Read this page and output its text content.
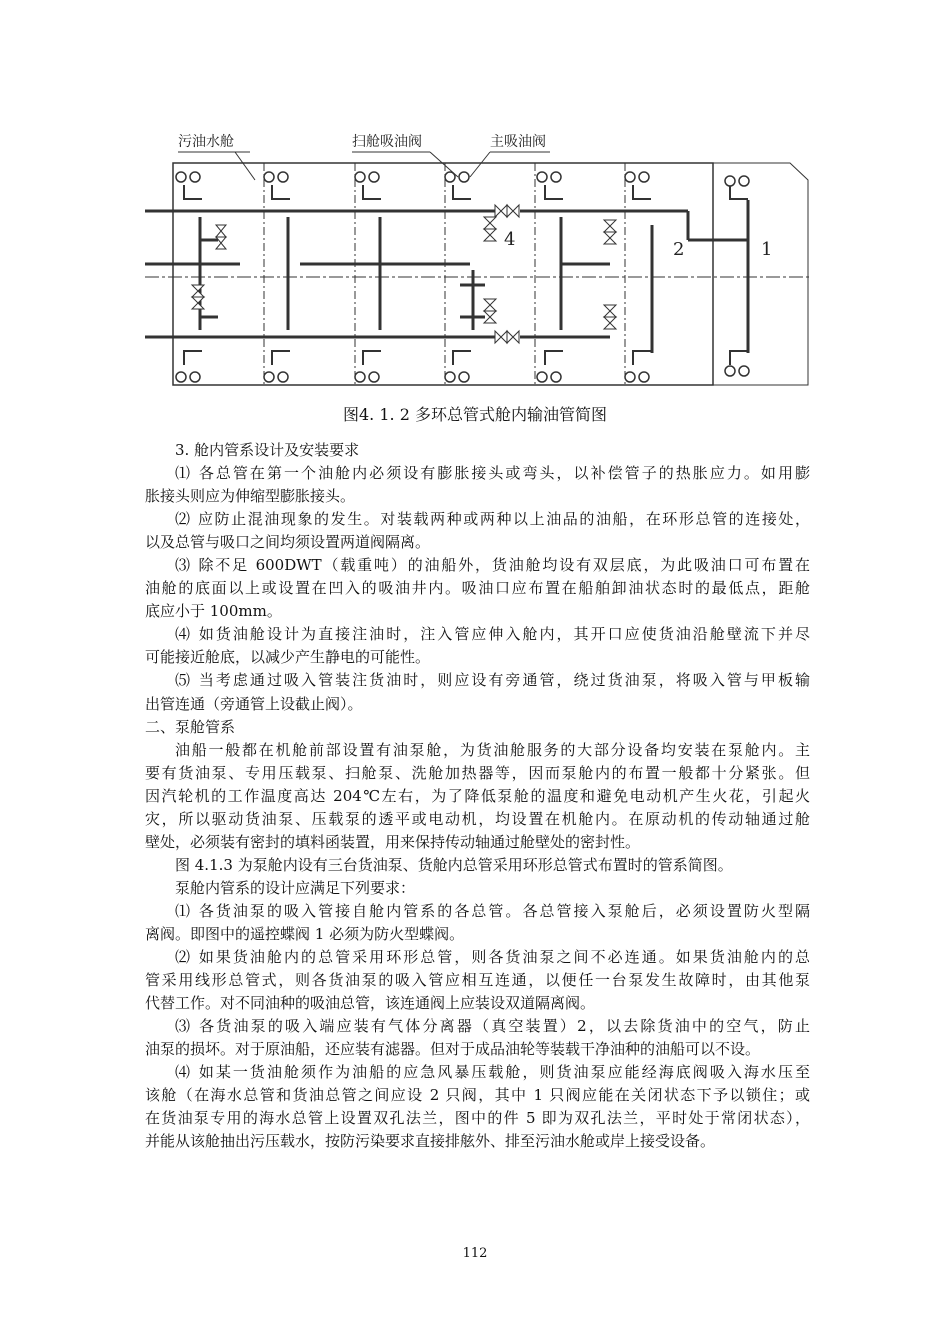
污油水舱	扫舱吸油阀	主吸油阀
4	2	1
图4. 1. 2 多环总管式舱内输油管简图
3. 舱内管系设计及安装要求
⑴ 各总管在第一个油舱内必须设有膨胀接头或弯头，以补偿管子的热胀应力。如用膨
胀接头则应为伸缩型膨胀接头。
⑵ 应防止混油现象的发生。对装载两种或两种以上油品的油船，在环形总管的连接处，
以及总管与吸口之间均须设置两道阀隔离。
⑶ 除不足 600DWT（载重吨）的油船外，货油舱均设有双层底，为此吸油口可布置在
油舱的底面以上或设置在凹入的吸油井内。吸油口应布置在船舶卸油状态时的最低点，距舱
底应小于 100mm。
⑷ 如货油舱设计为直接注油时，注入管应伸入舱内，其开口应使货油沿舱壁流下并尽
可能接近舱底，以减少产生静电的可能性。
⑸ 当考虑通过吸入管装注货油时，则应设有旁通管，绕过货油泵，将吸入管与甲板输
出管连通（旁通管上设截止阀）。
二、泵舱管系
油船一般都在机舱前部设置有油泵舱，为货油舱服务的大部分设备均安装在泵舱内。主
要有货油泵、专用压载泵、扫舱泵、洗舱加热器等，因而泵舱内的布置一般都十分紧张。但
因汽轮机的工作温度高达 204℃左右，为了降低泵舱的温度和避免电动机产生火花，引起火
灾，所以驱动货油泵、压载泵的透平或电动机，均设置在机舱内。在原动机的传动轴通过舱
壁处，必须装有密封的填料函装置，用来保持传动轴通过舱壁处的密封性。
图 4.1.3 为泵舱内设有三台货油泵、货舱内总管采用环形总管式布置时的管系简图。
泵舱内管系的设计应满足下列要求：
⑴ 各货油泵的吸入管接自舱内管系的各总管。各总管接入泵舱后，必须设置防火型隔
离阀。即图中的遥控蝶阀 1 必须为防火型蝶阀。
⑵ 如果货油舱内的总管采用环形总管，则各货油泵之间不必连通。如果货油舱内的总
管采用线形总管式，则各货油泵的吸入管应相互连通，以便任一台泵发生故障时，由其他泵
代替工作。对不同油种的吸油总管，该连通阀上应装设双道隔离阀。
⑶ 各货油泵的吸入端应装有气体分离器（真空装置）2，以去除货油中的空气，防止
油泵的损坏。对于原油船，还应装有滤器。但对于成品油轮等装载干净油种的油船可以不设。
⑷ 如某一货油舱须作为油船的应急风暴压载舱，则货油泵应能经海底阀吸入海水压至
该舱（在海水总管和货油总管之间应设 2 只阀，其中 1 只阀应能在关闭状态下予以锁住；或
在货油泵专用的海水总管上设置双孔法兰，图中的件 5 即为双孔法兰，平时处于常闭状态），
并能从该舱抽出污压载水，按防污染要求直接排舷外、排至污油水舱或岸上接受设备。
112
